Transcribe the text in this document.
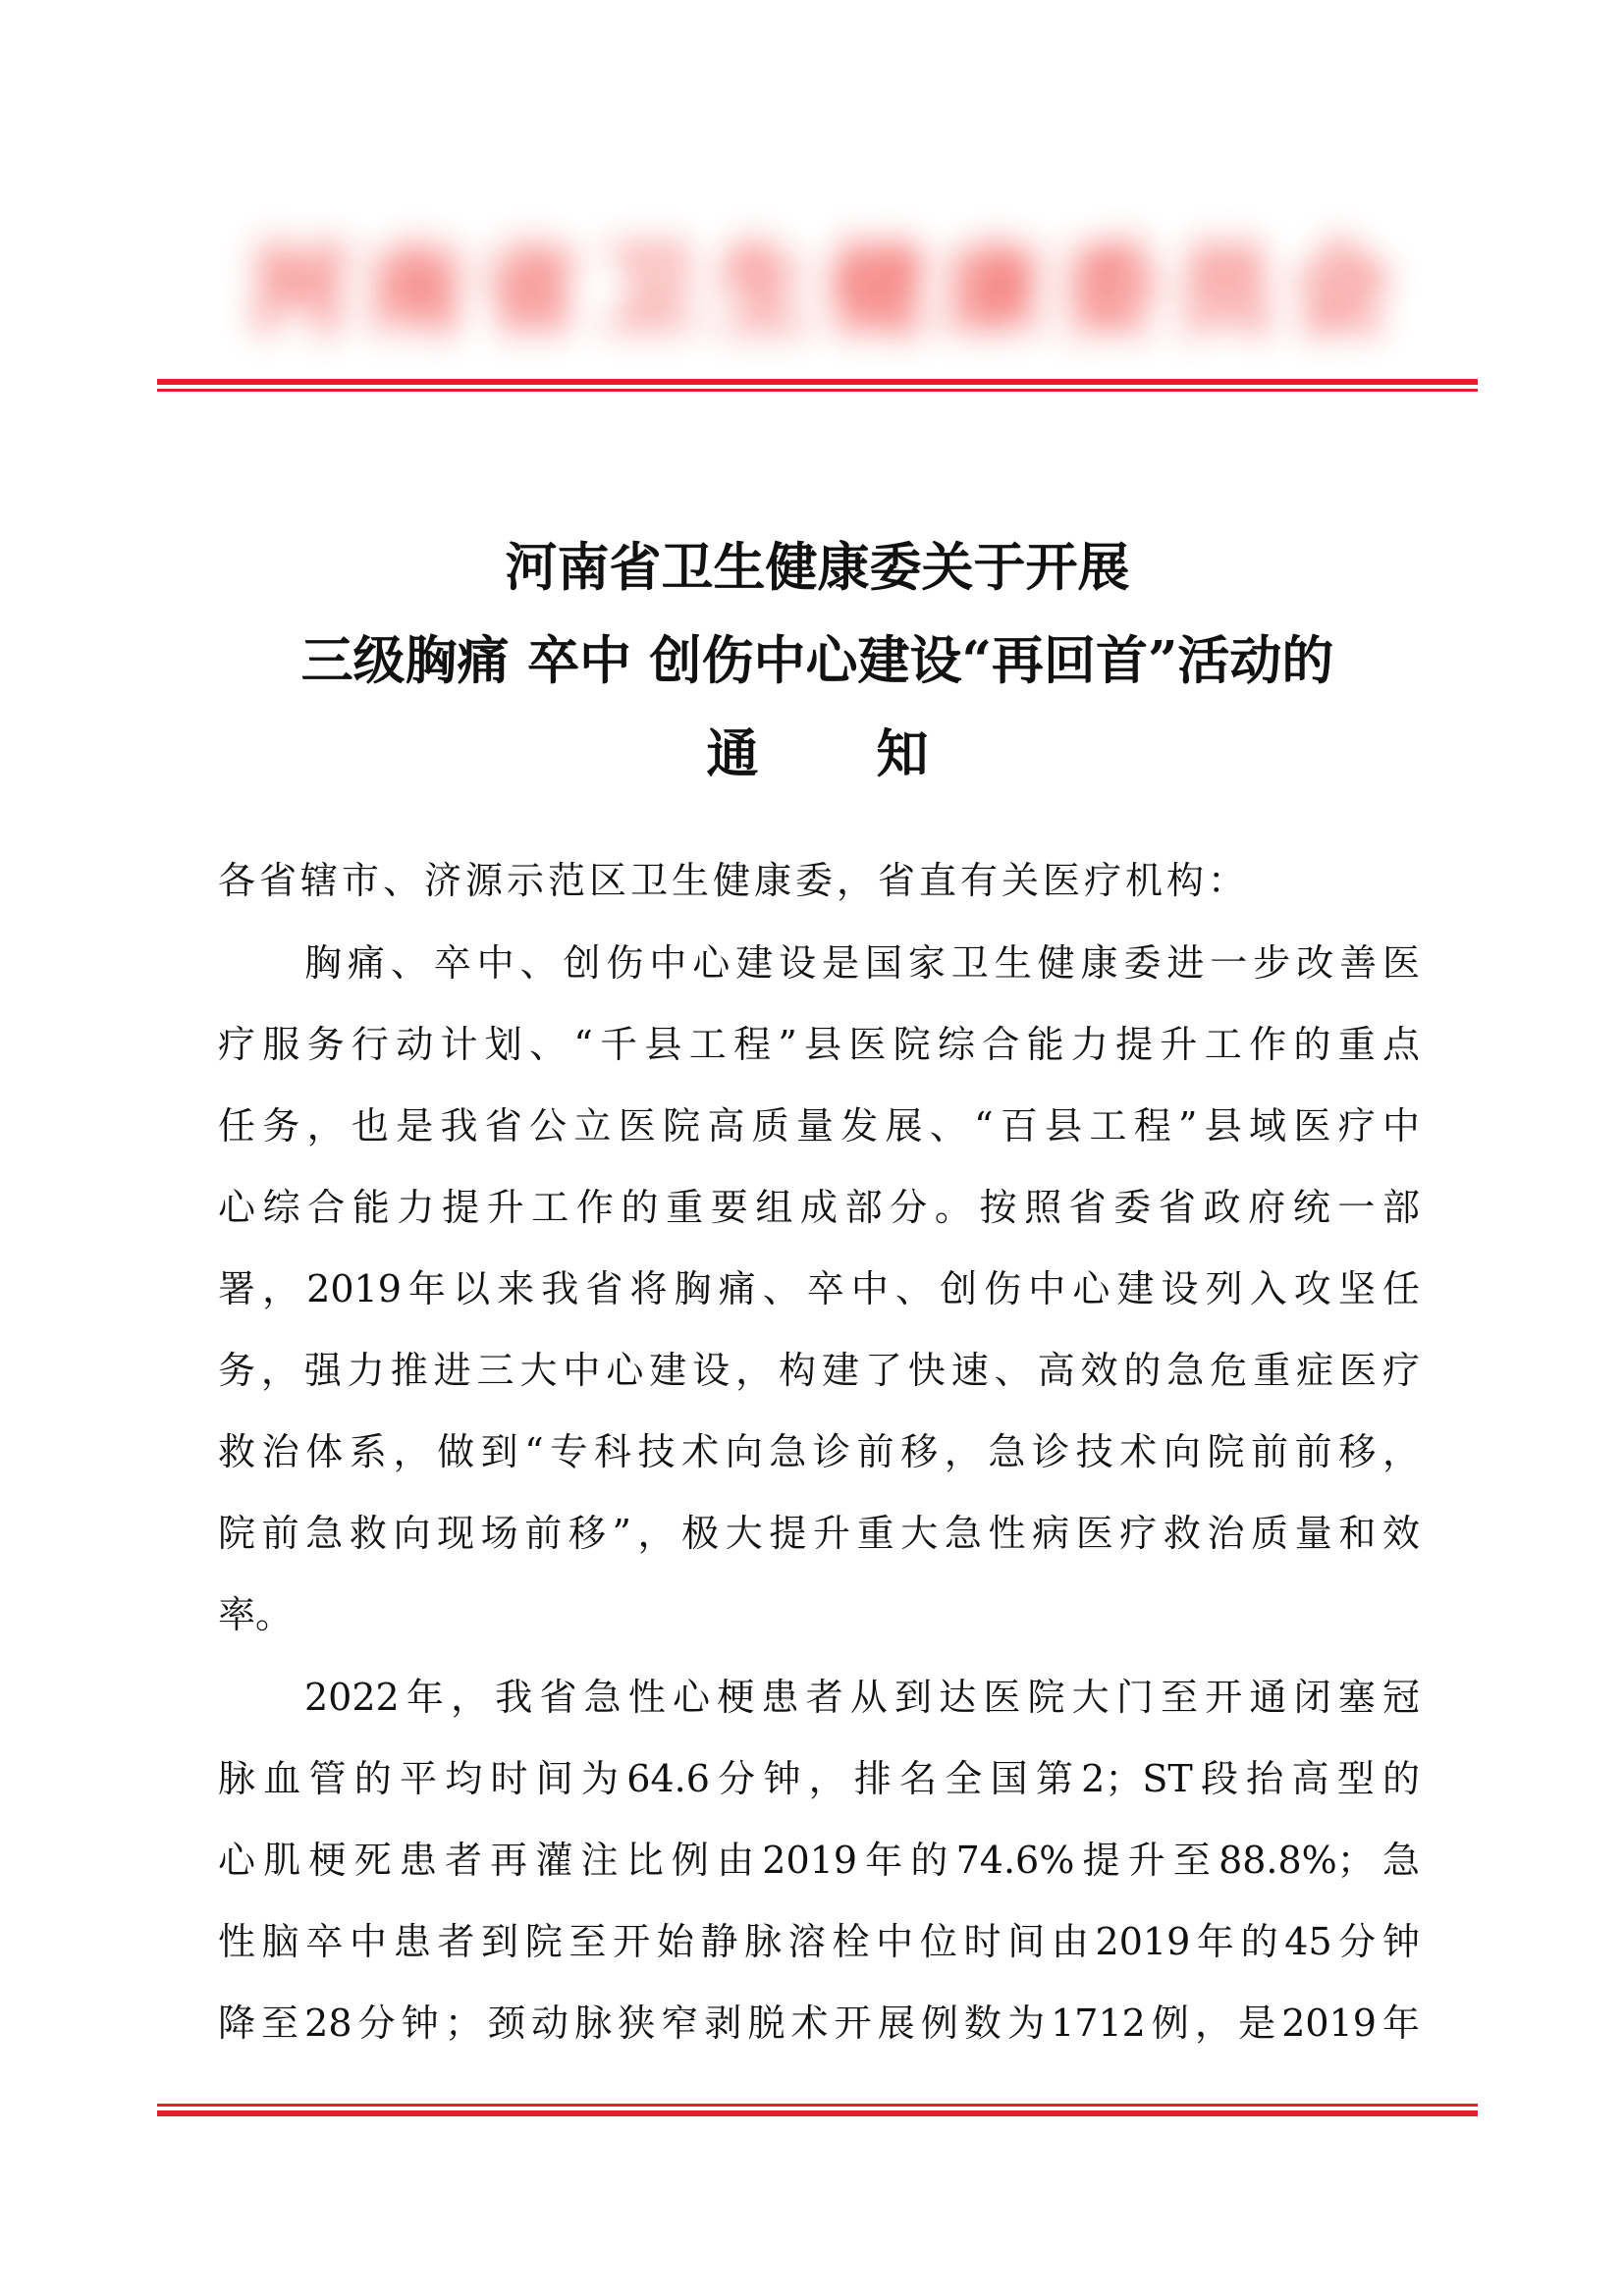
河 南 省 卫 生 健 康 委 员 会
河南省卫生健康委关于开展
三级胸痛 卒中 创伤中心建设“再回首”活动的
通知
各省辖市、济源示范区卫生健康委，省直有关医疗机构：
胸痛、卒中、创伤中心建设是国家卫生健康委进一步改善医
疗服务行动计划、“千县工程”县医院综合能力提升工作的重点
任务，也是我省公立医院高质量发展、“百县工程”县域医疗中
心综合能力提升工作的重要组成部分。按照省委省政府统一部
署，2019年以来我省将胸痛、卒中、创伤中心建设列入攻坚任
务，强力推进三大中心建设，构建了快速、高效的急危重症医疗
救治体系，做到“专科技术向急诊前移，急诊技术向院前前移，
院前急救向现场前移”，极大提升重大急性病医疗救治质量和效
率。
2022年，我省急性心梗患者从到达医院大门至开通闭塞冠
脉血管的平均时间为64.6分钟，排名全国第2；ST段抬高型的
心肌梗死患者再灌注比例由2019年的74.6%提升至88.8%；急
性脑卒中患者到院至开始静脉溶栓中位时间由2019年的45分钟
降至28分钟；颈动脉狭窄剥脱术开展例数为1712例，是2019年
